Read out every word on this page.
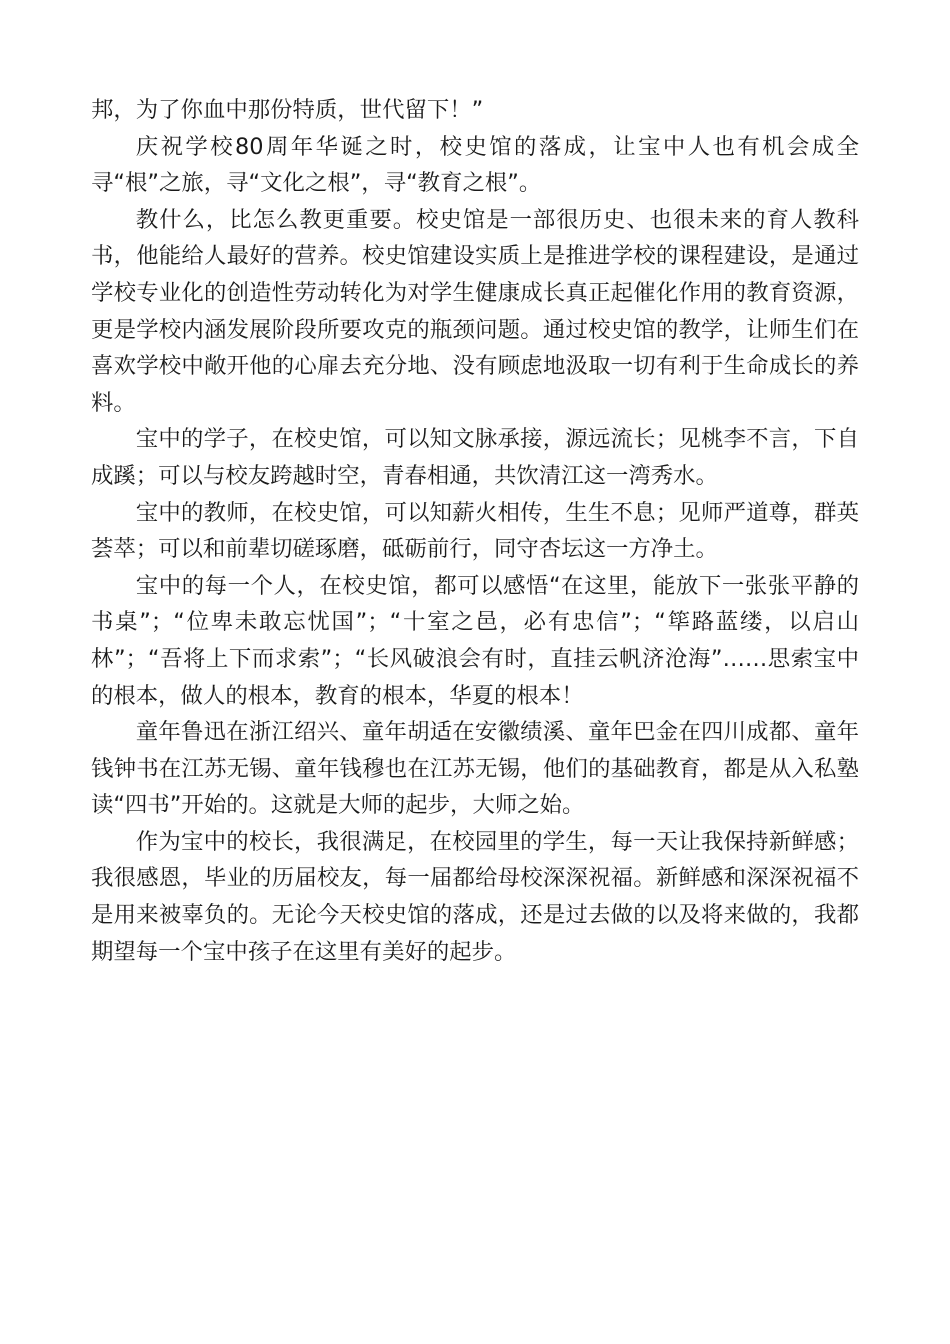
邦，为了你血中那份特质，世代留下！”

庆祝学校80周年华诞之时，校史馆的落成，让宝中人也有机会成全寻“根”之旅，寻“文化之根”，寻“教育之根”。

教什么，比怎么教更重要。校史馆是一部很历史、也很未来的育人教科书，他能给人最好的营养。校史馆建设实质上是推进学校的课程建设，是通过学校专业化的创造性劳动转化为对学生健康成长真正起催化作用的教育资源，更是学校内涵发展阶段所要攻克的瓶颈问题。通过校史馆的教学，让师生们在喜欢学校中敞开他的心扉去充分地、没有顾虑地汲取一切有利于生命成长的养料。

宝中的学子，在校史馆，可以知文脉承接，源远流长；见桃李不言，下自成蹊；可以与校友跨越时空，青春相通，共饮清江这一湾秀水。

宝中的教师，在校史馆，可以知薪火相传，生生不息；见师严道尊，群英荟萃；可以和前辈切磋琢磨，砥砺前行，同守杏坛这一方净土。

宝中的每一个人，在校史馆，都可以感悟“在这里，能放下一张张平静的书桌”；“位卑未敢忘忧国”；“十室之邑，必有忠信”；“筚路蓝缕，以启山林”；“吾将上下而求索”；“长风破浪会有时，直挂云帆济沧海”……思索宝中的根本，做人的根本，教育的根本，华夏的根本！

童年鲁迅在浙江绍兴、童年胡适在安徽绩溪、童年巴金在四川成都、童年钱钟书在江苏无锡、童年钱穆也在江苏无锡，他们的基础教育，都是从入私塾读“四书”开始的。这就是大师的起步，大师之始。

作为宝中的校长，我很满足，在校园里的学生，每一天让我保持新鲜感；我很感恩，毕业的历届校友，每一届都给母校深深祝福。新鲜感和深深祝福不是用来被辜负的。无论今天校史馆的落成，还是过去做的以及将来做的，我都期望每一个宝中孩子在这里有美好的起步。
